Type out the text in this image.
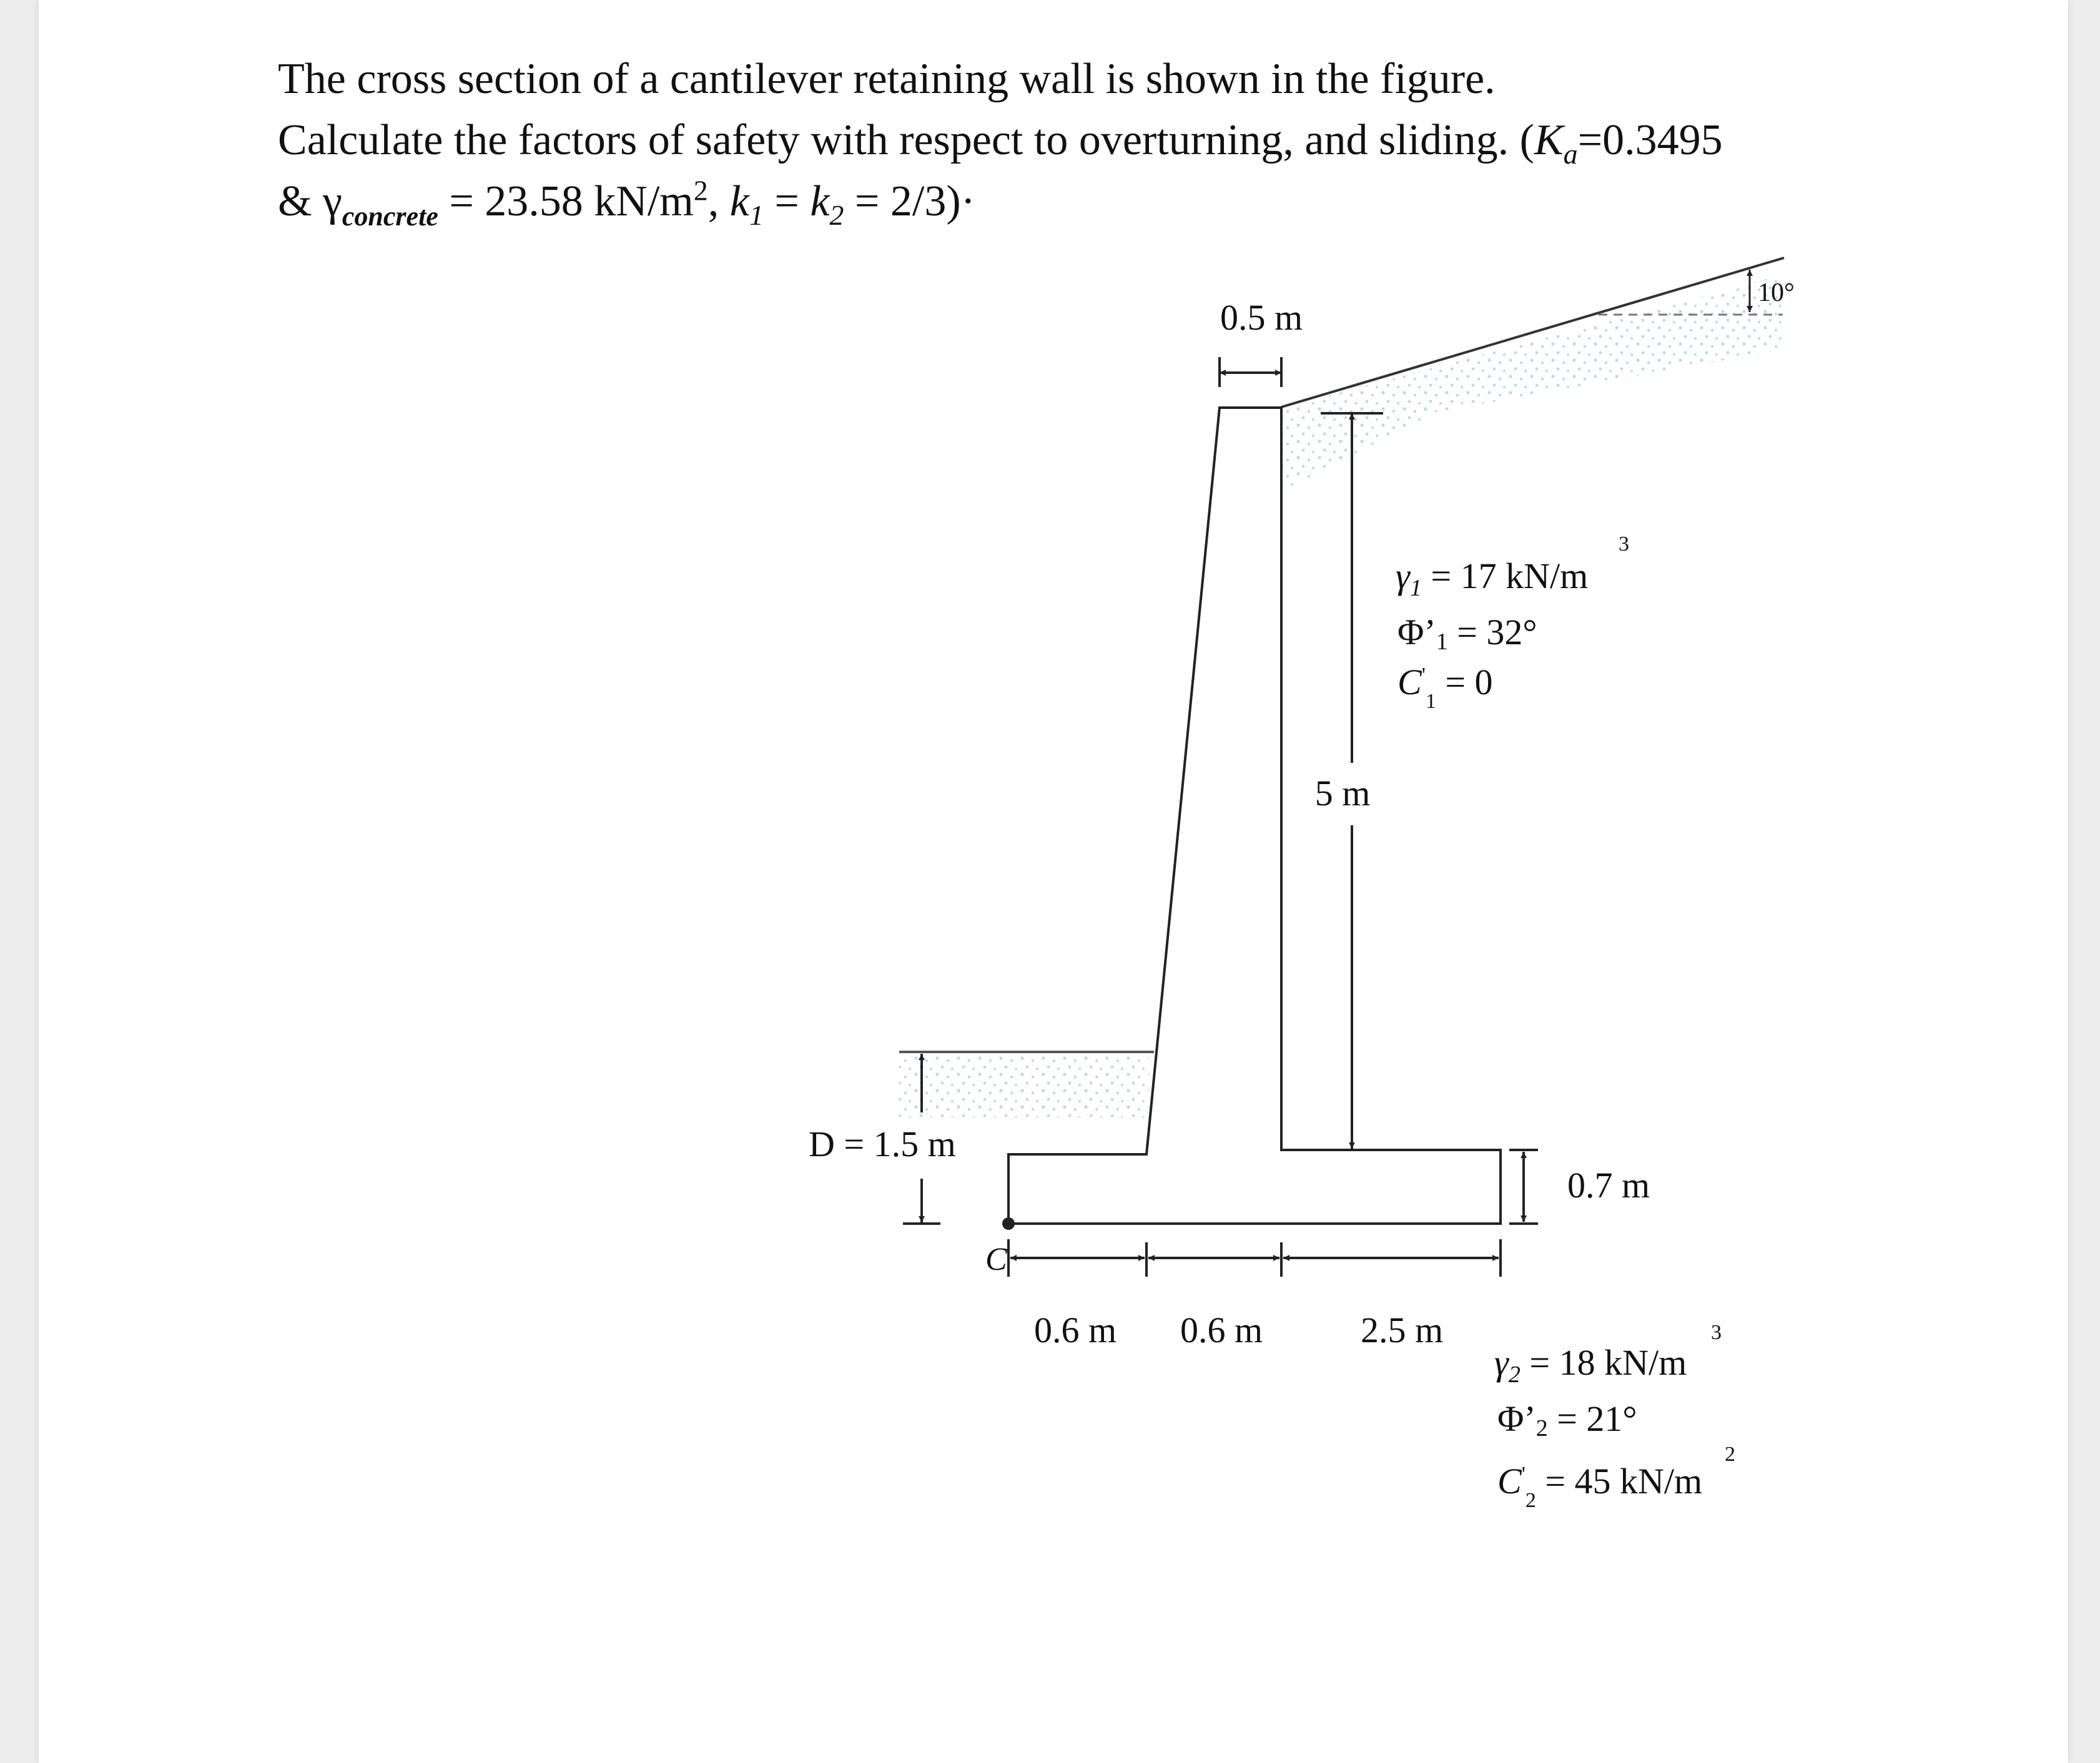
The cross section of a cantilever retaining wall is shown in the figure.
Calculate the factors of safety with respect to overturning, and sliding. ($K_a=0.3495$
& $\gamma_{concrete} = 23.58$ $kN/m^2$, $k_1 = k_2 = 2/3)\cdot$
0.5 m
10°
5 m
$\gamma_1 = 17$ kN/m
3
Φ’1 = 32°
$C'_1 = 0$
D = 1.5 m
0.7 m
C
0.6 m 0.6 m	2.5 m
$\gamma_2 = 18$ kN/m
3
Φ’2 = 21°
$C'_2 = 45$ kN/m
2
